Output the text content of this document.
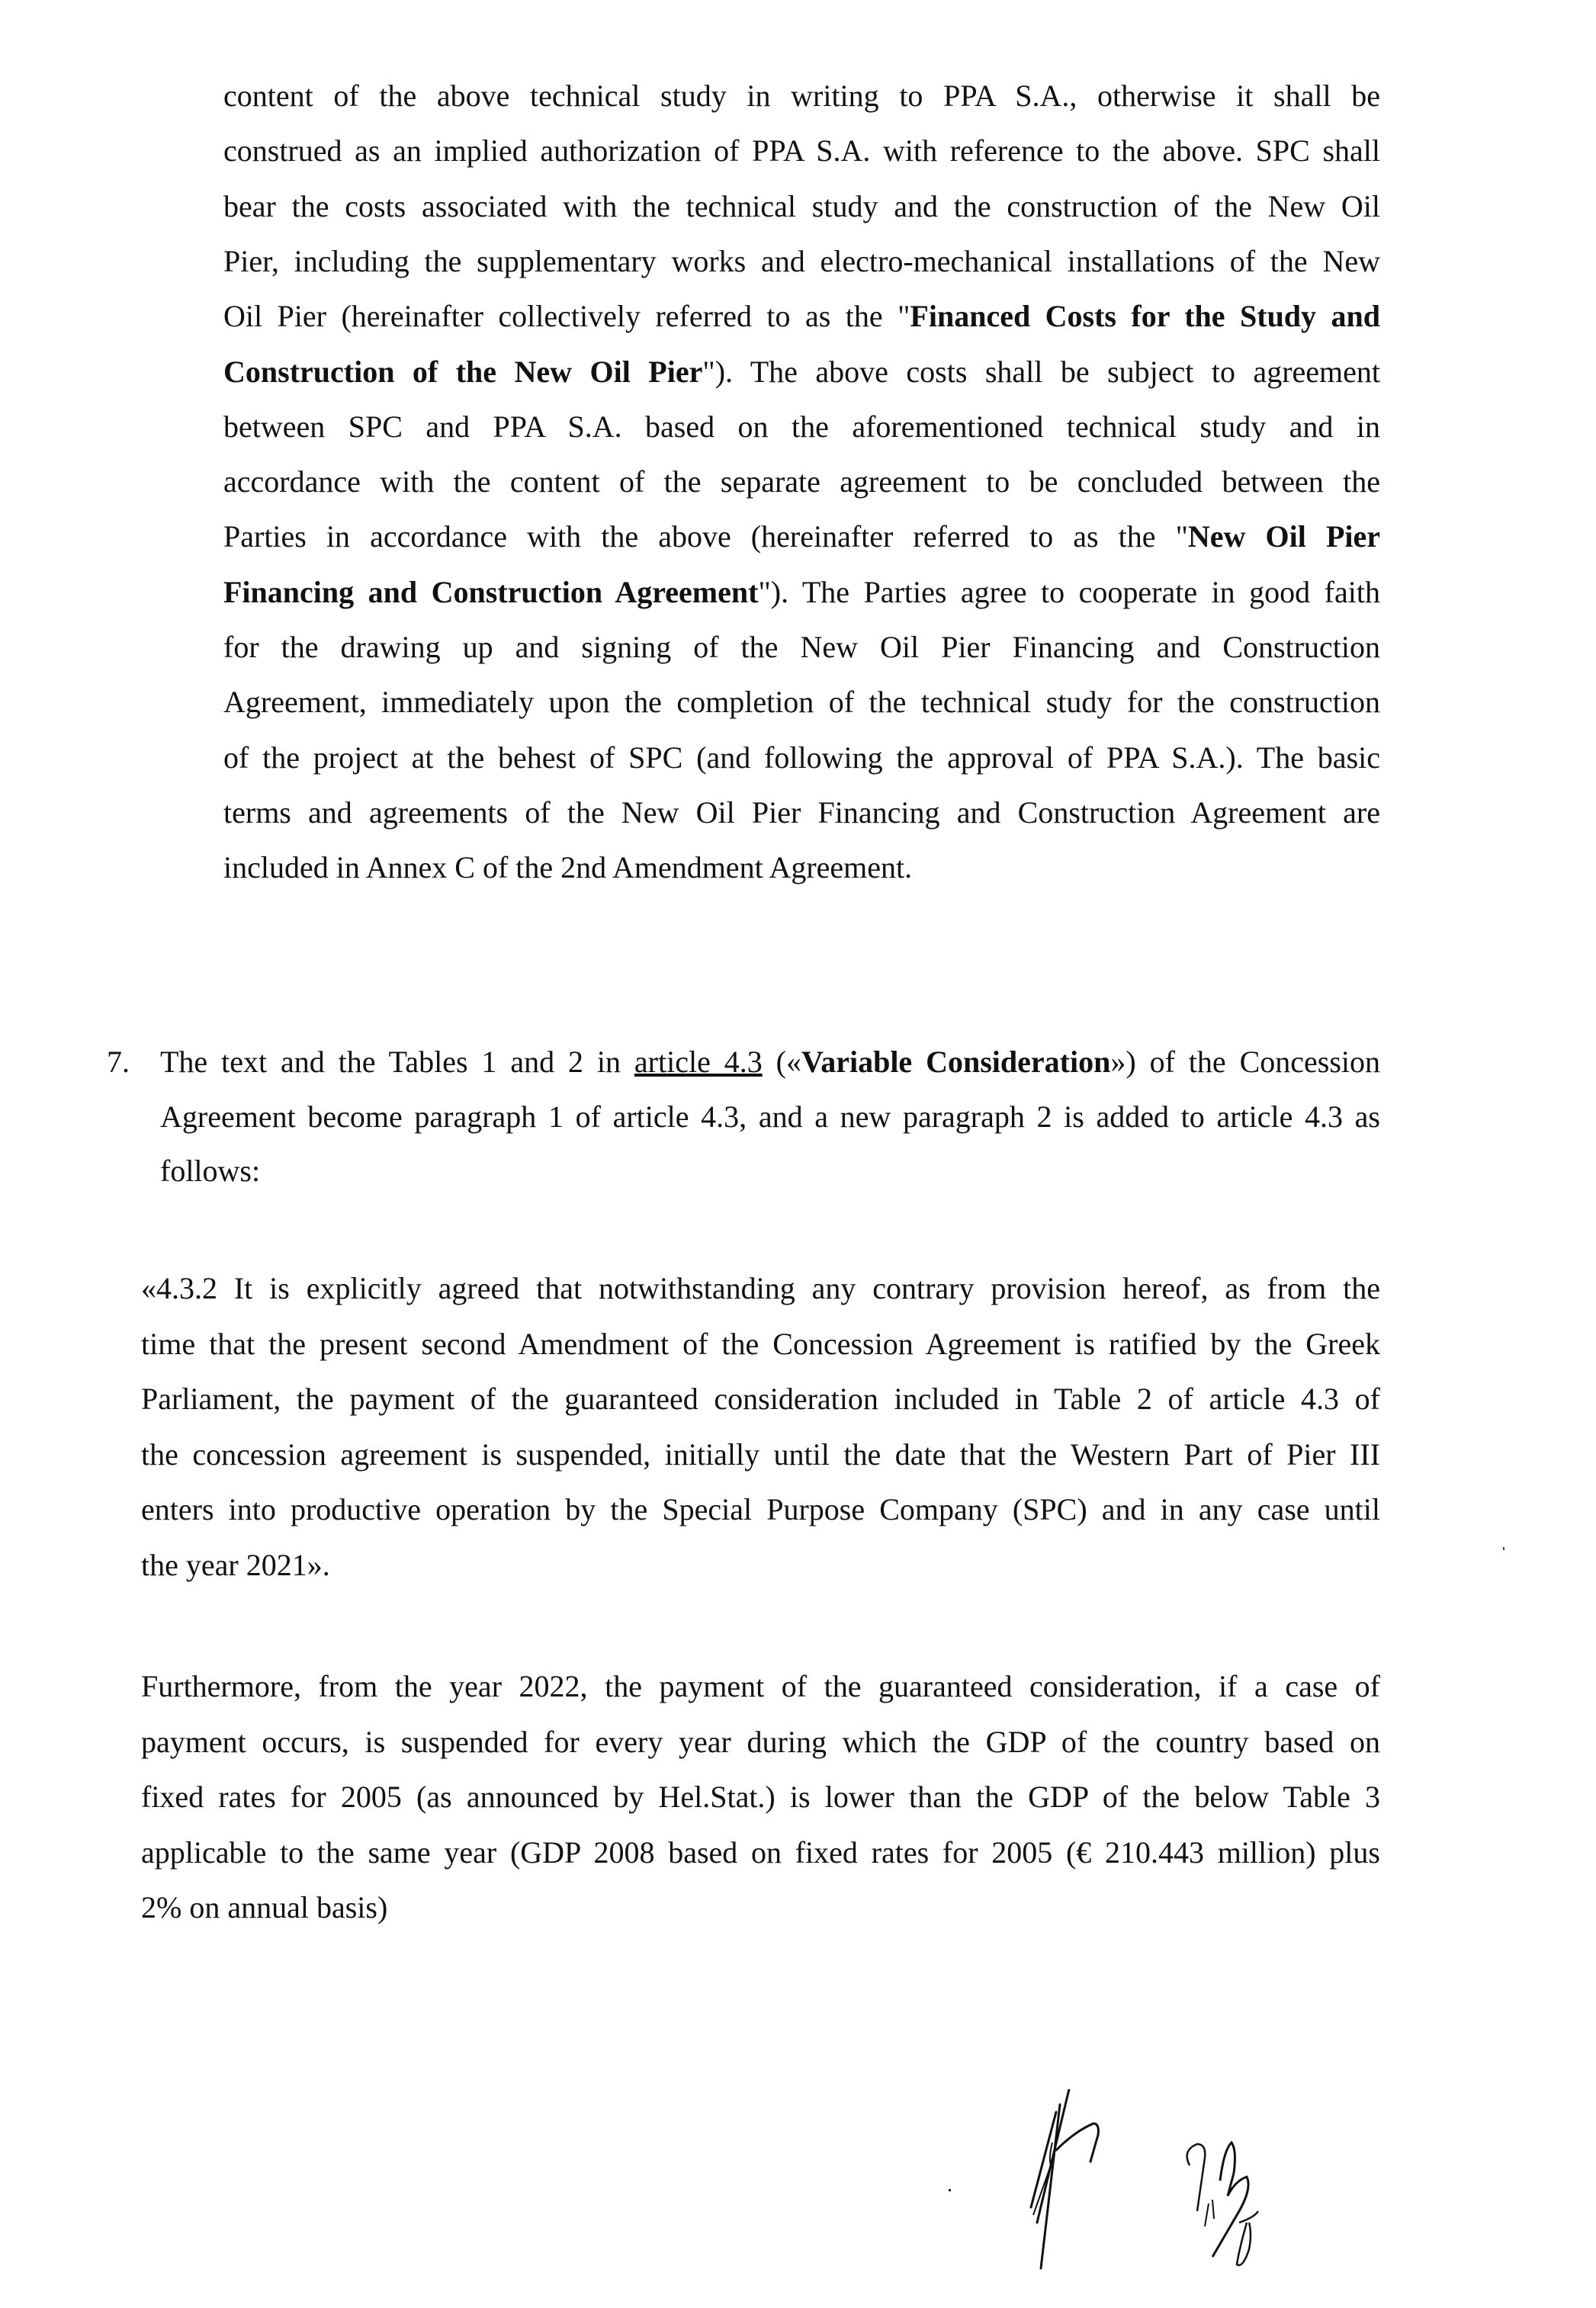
content of the above technical study in writing to PPA S.A., otherwise it shall be
construed as an implied authorization of PPA S.A. with reference to the above. SPC shall
bear the costs associated with the technical study and the construction of the New Oil
Pier, including the supplementary works and electro-mechanical installations of the New
Oil Pier (hereinafter collectively referred to as the "Financed Costs for the Study and
Construction of the New Oil Pier"). The above costs shall be subject to agreement
between SPC and PPA S.A. based on the aforementioned technical study and in
accordance with the content of the separate agreement to be concluded between the
Parties in accordance with the above (hereinafter referred to as the "New Oil Pier
Financing and Construction Agreement"). The Parties agree to cooperate in good faith
for the drawing up and signing of the New Oil Pier Financing and Construction
Agreement, immediately upon the completion of the technical study for the construction
of the project at the behest of SPC (and following the approval of PPA S.A.). The basic
terms and agreements of the New Oil Pier Financing and Construction Agreement are
included in Annex C of the 2nd Amendment Agreement.
7. The text and the Tables 1 and 2 in article 4.3 («Variable Consideration») of the Concession
Agreement become paragraph 1 of article 4.3, and a new paragraph 2 is added to article 4.3 as
follows:
«4.3.2 It is explicitly agreed that notwithstanding any contrary provision hereof, as from the
time that the present second Amendment of the Concession Agreement is ratified by the Greek
Parliament, the payment of the guaranteed consideration included in Table 2 of article 4.3 of
the concession agreement is suspended, initially until the date that the Western Part of Pier III
enters into productive operation by the Special Purpose Company (SPC) and in any case until
the year 2021».
Furthermore, from the year 2022, the payment of the guaranteed consideration, if a case of
payment occurs, is suspended for every year during which the GDP of the country based on
fixed rates for 2005 (as announced by Hel.Stat.) is lower than the GDP of the below Table 3
applicable to the same year (GDP 2008 based on fixed rates for 2005 (€ 210.443 million) plus
2% on annual basis)
